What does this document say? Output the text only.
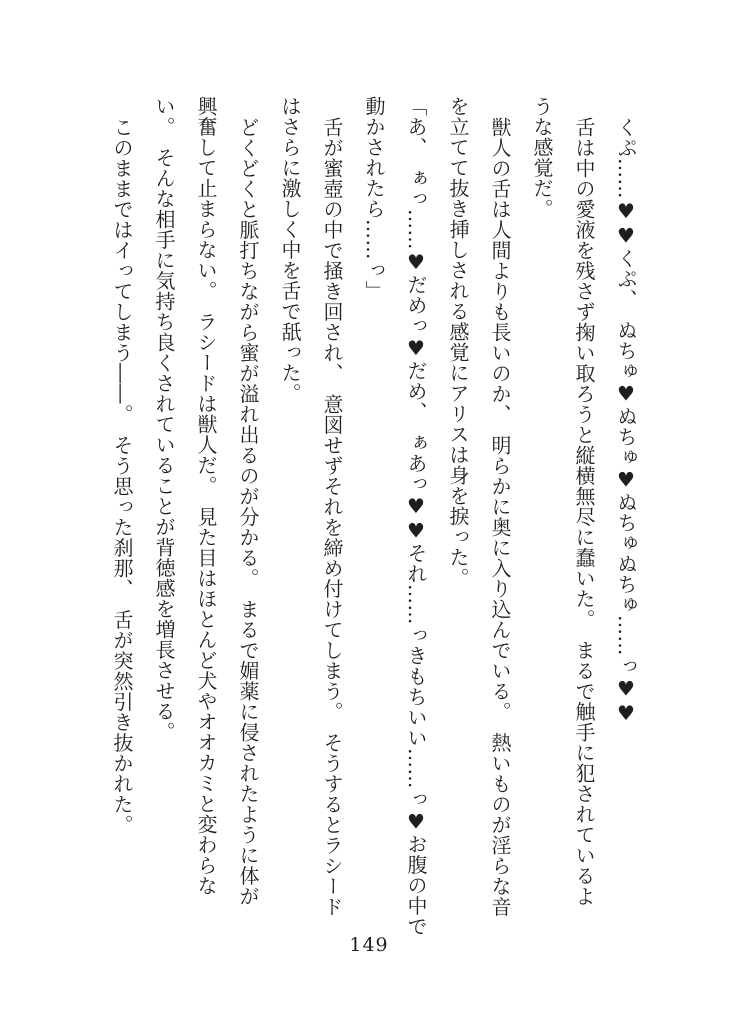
くぷ……♥♥くぷ、　ぬちゅ♥ぬちゅ♥ぬちゅぬちゅ……っ♥♥
舌は中の愛液を残さず掬い取ろうと縦横無尽に蠢いた。　まるで触手に犯されているよ
うな感覚だ。
獣人の舌は人間よりも長いのか、　明らかに奥に入り込んでいる。　熱いものが淫らな音
を立てて抜き挿しされる感覚にアリスは身を捩った。
「あ、　ぁっ……♥だめっ♥だめ、　ぁあっ♥♥それ……っきもちいい……っ♥お腹の中で
動かされたら……っ」
舌が蜜壺の中で掻き回され、　意図せずそれを締め付けてしまう。　そうするとラシード
はさらに激しく中を舌で舐った。
どくどくと脈打ちながら蜜が溢れ出るのが分かる。　まるで媚薬に侵されたように体が
興奮して止まらない。　ラシードは獣人だ。　見た目はほとんど犬やオオカミと変わらな
い。　そんな相手に気持ち良くされていることが背徳感を増長させる。
このままではイってしまう――。　そう思った刹那、　舌が突然引き抜かれた。
149
